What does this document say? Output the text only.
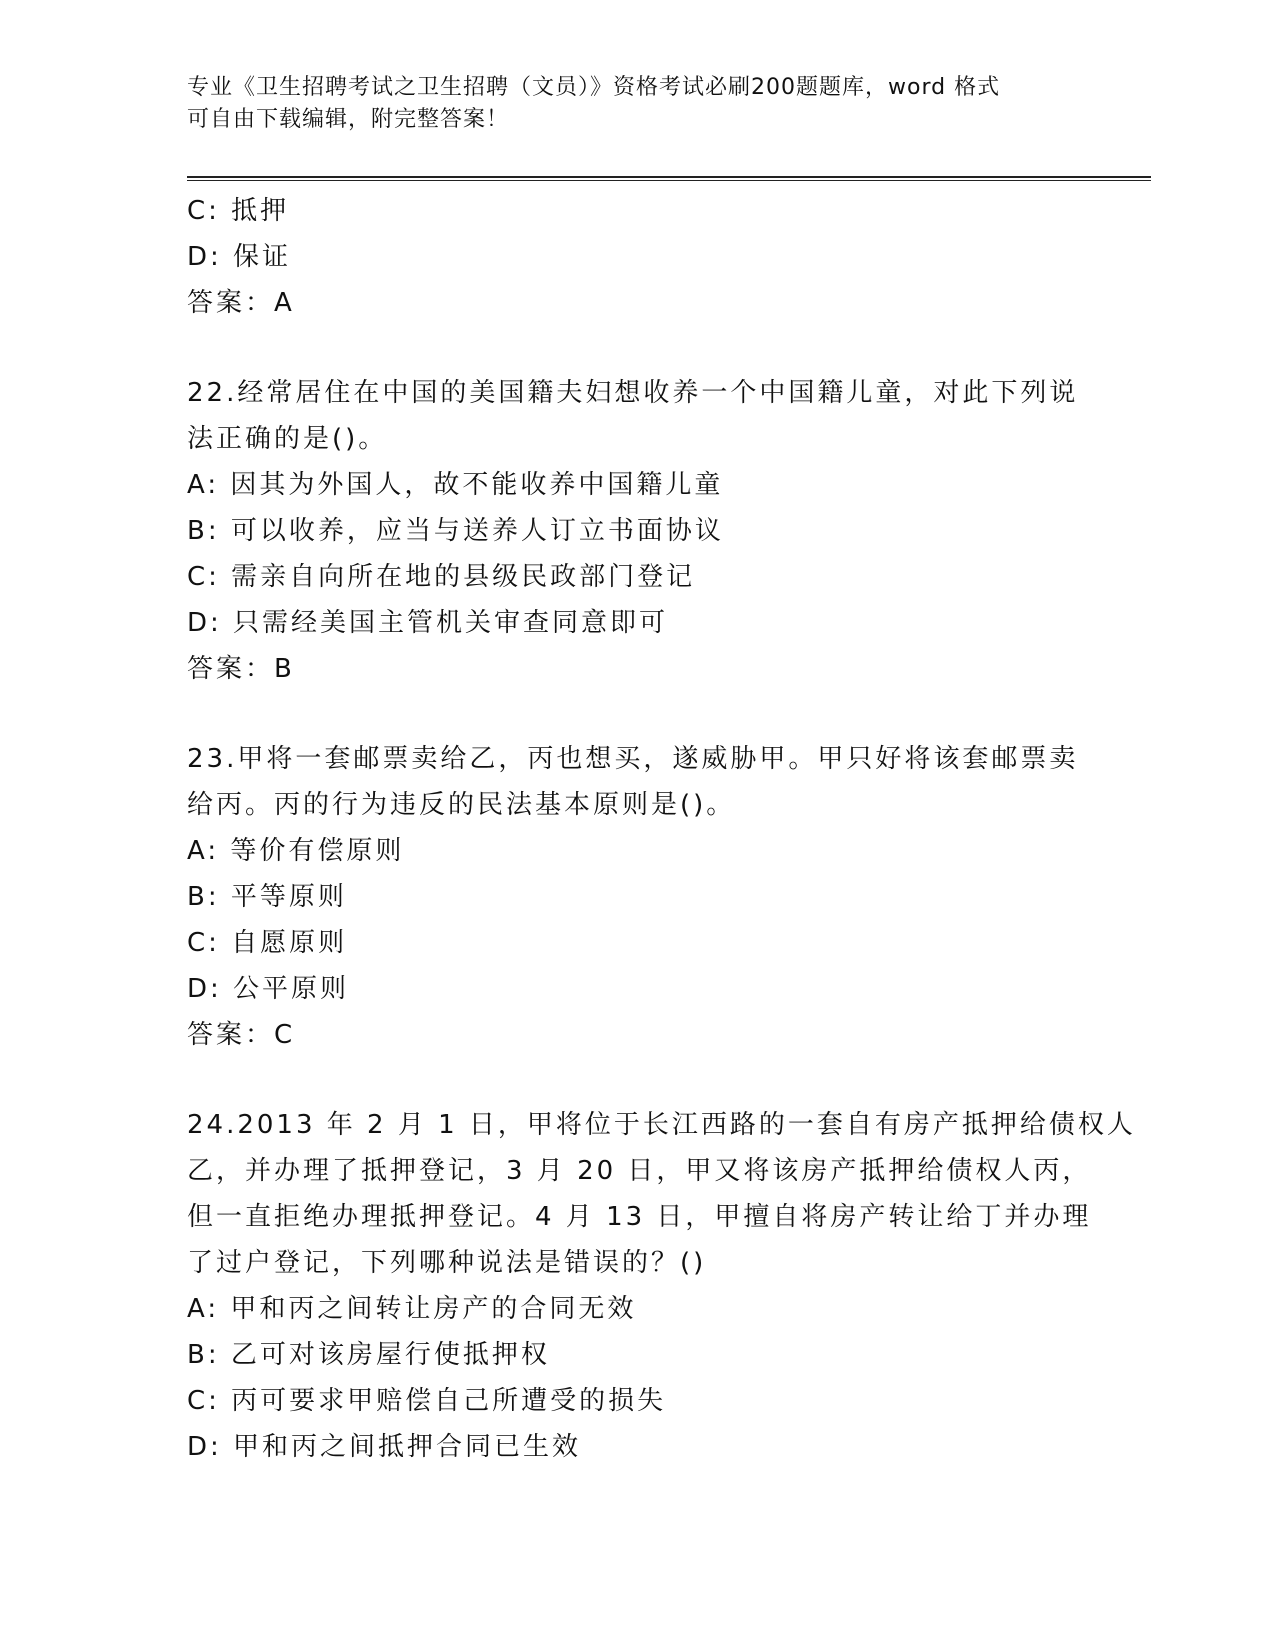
专业《卫生招聘考试之卫生招聘（文员）》资格考试必刷200题题库，word 格式
可自由下载编辑，附完整答案！
C: 抵押
D: 保证
答案：A
22.经常居住在中国的美国籍夫妇想收养一个中国籍儿童，对此下列说
法正确的是()。
A: 因其为外国人，故不能收养中国籍儿童
B: 可以收养，应当与送养人订立书面协议
C: 需亲自向所在地的县级民政部门登记
D: 只需经美国主管机关审查同意即可
答案：B
23.甲将一套邮票卖给乙，丙也想买，遂威胁甲。甲只好将该套邮票卖
给丙。丙的行为违反的民法基本原则是()。
A: 等价有偿原则
B: 平等原则
C: 自愿原则
D: 公平原则
答案：C
24.2013 年 2 月 1 日，甲将位于长江西路的一套自有房产抵押给债权人
乙，并办理了抵押登记，3 月 20 日，甲又将该房产抵押给债权人丙，
但一直拒绝办理抵押登记。4 月 13 日，甲擅自将房产转让给丁并办理
了过户登记，下列哪种说法是错误的？()
A: 甲和丙之间转让房产的合同无效
B: 乙可对该房屋行使抵押权
C: 丙可要求甲赔偿自己所遭受的损失
D: 甲和丙之间抵押合同已生效
